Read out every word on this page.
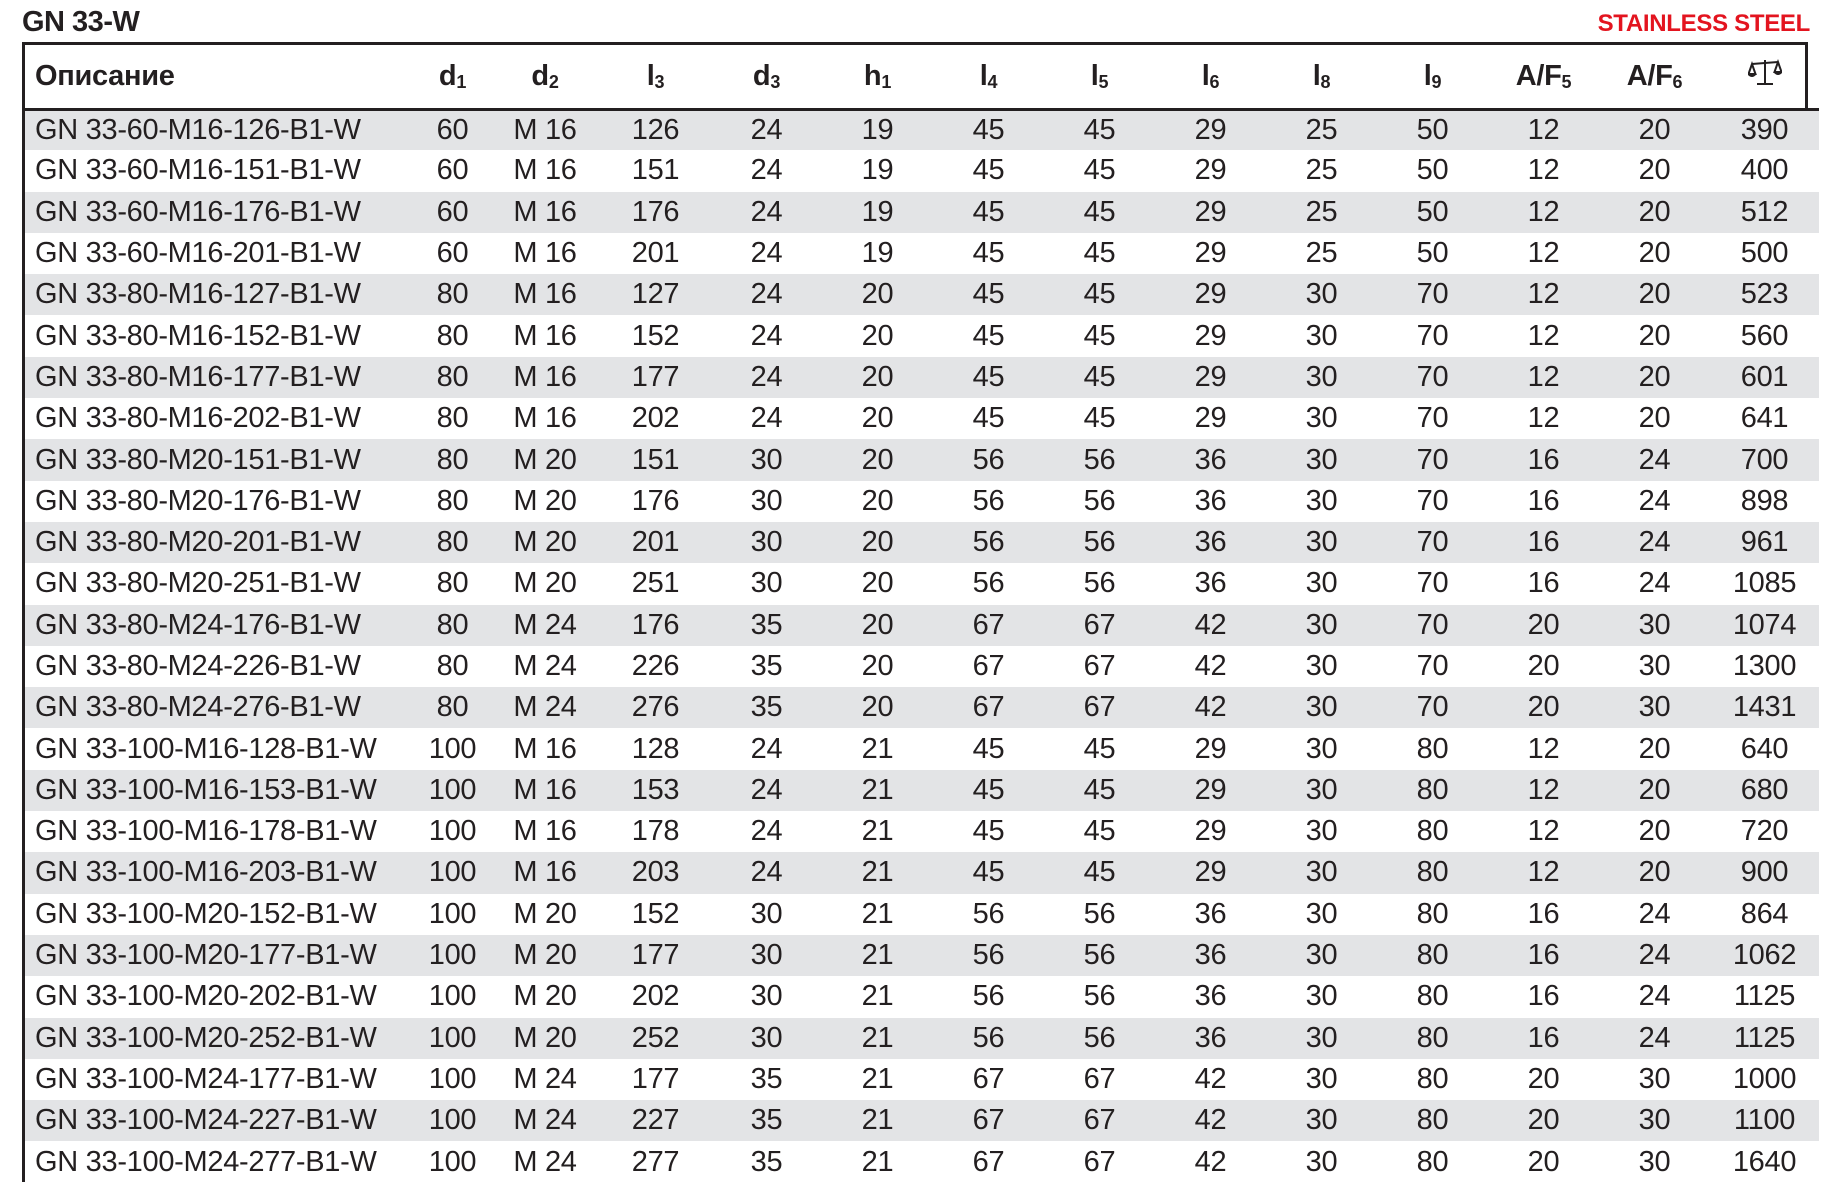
GN 33-W	STAINLESS STEEL
Описание	$d_1$	$d_2$	$l_3$	$d_3$	$h_1$	$l_4$	$l_5$	$l_6$	$l_8$	$l_9$	$A/F_5$	$A/F_6$	
GN 33-60-M16-126-B1-W	60	M 16	126	24	19	45	45	29	25	50	12	20	390
GN 33-60-M16-151-B1-W	60	M 16	151	24	19	45	45	29	25	50	12	20	400
GN 33-60-M16-176-B1-W	60	M 16	176	24	19	45	45	29	25	50	12	20	512
GN 33-60-M16-201-B1-W	60	M 16	201	24	19	45	45	29	25	50	12	20	500
GN 33-80-M16-127-B1-W	80	M 16	127	24	20	45	45	29	30	70	12	20	523
GN 33-80-M16-152-B1-W	80	M 16	152	24	20	45	45	29	30	70	12	20	560
GN 33-80-M16-177-B1-W	80	M 16	177	24	20	45	45	29	30	70	12	20	601
GN 33-80-M16-202-B1-W	80	M 16	202	24	20	45	45	29	30	70	12	20	641
GN 33-80-M20-151-B1-W	80	M 20	151	30	20	56	56	36	30	70	16	24	700
GN 33-80-M20-176-B1-W	80	M 20	176	30	20	56	56	36	30	70	16	24	898
GN 33-80-M20-201-B1-W	80	M 20	201	30	20	56	56	36	30	70	16	24	961
GN 33-80-M20-251-B1-W	80	M 20	251	30	20	56	56	36	30	70	16	24	1085
GN 33-80-M24-176-B1-W	80	M 24	176	35	20	67	67	42	30	70	20	30	1074
GN 33-80-M24-226-B1-W	80	M 24	226	35	20	67	67	42	30	70	20	30	1300
GN 33-80-M24-276-B1-W	80	M 24	276	35	20	67	67	42	30	70	20	30	1431
GN 33-100-M16-128-B1-W	100	M 16	128	24	21	45	45	29	30	80	12	20	640
GN 33-100-M16-153-B1-W	100	M 16	153	24	21	45	45	29	30	80	12	20	680
GN 33-100-M16-178-B1-W	100	M 16	178	24	21	45	45	29	30	80	12	20	720
GN 33-100-M16-203-B1-W	100	M 16	203	24	21	45	45	29	30	80	12	20	900
GN 33-100-M20-152-B1-W	100	M 20	152	30	21	56	56	36	30	80	16	24	864
GN 33-100-M20-177-B1-W	100	M 20	177	30	21	56	56	36	30	80	16	24	1062
GN 33-100-M20-202-B1-W	100	M 20	202	30	21	56	56	36	30	80	16	24	1125
GN 33-100-M20-252-B1-W	100	M 20	252	30	21	56	56	36	30	80	16	24	1125
GN 33-100-M24-177-B1-W	100	M 24	177	35	21	67	67	42	30	80	20	30	1000
GN 33-100-M24-227-B1-W	100	M 24	227	35	21	67	67	42	30	80	20	30	1100
GN 33-100-M24-277-B1-W	100	M 24	277	35	21	67	67	42	30	80	20	30	1640
